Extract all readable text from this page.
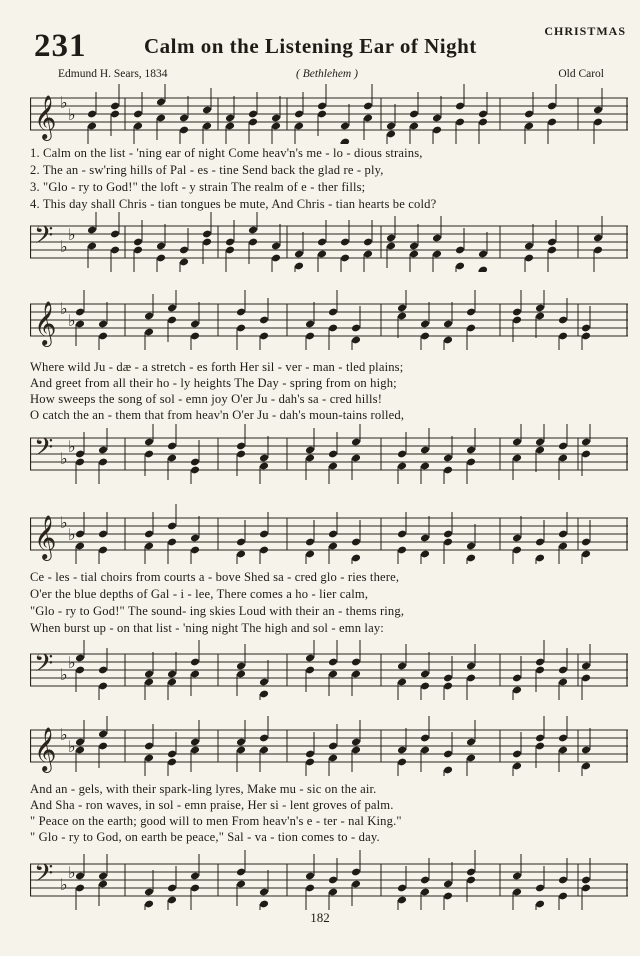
231	Calm on the Listening Ear of Night
CHRISTMAS
Edmund H. Sears, 1834	( Bethlehem )	Old Carol
𝄞 ♭
♭
1. Calm on the list - 'ning ear of night Come heav'n's me - lo - dious strains,
2. The an - sw'ring hills of Pal - es - tine Send back the glad re - ply,
3. "Glo - ry to God!" the loft - y strain The realm of e - ther fills;
4. This day shall Chris - tian tongues be mute, And Chris - tian hearts be cold?
𝄢 ♭
♭
𝄞 ♭
♭
Where wild Ju - dæ - a stretch - es forth Her sil - ver - man - tled plains;
And greet from all their ho - ly heights The Day - spring from on high;
How sweeps the song of sol - emn joy O'er Ju - dah's sa - cred hills!
O catch the an - them that from heav'n O'er Ju - dah's moun-tains rolled,
𝄢 ♭
♭
𝄞 ♭
♭
Ce - les - tial choirs from courts a - bove Shed sa - cred glo - ries there,
O'er the blue depths of Gal - i - lee, There comes a ho - lier calm,
"Glo - ry to God!" The sound- ing skies Loud with their an - thems ring,
When burst up - on that list - 'ning night The high and sol - emn lay:
𝄢 ♭
♭
𝄞 ♭
♭
And an - gels, with their spark-ling lyres, Make mu - sic on the air.
And Sha - ron waves, in sol - emn praise, Her si - lent groves of palm.
" Peace on the earth; good will to men From heav'n's e - ter - nal King."
" Glo - ry to God, on earth be peace," Sal - va - tion comes to - day.
𝄢 ♭
♭
182
